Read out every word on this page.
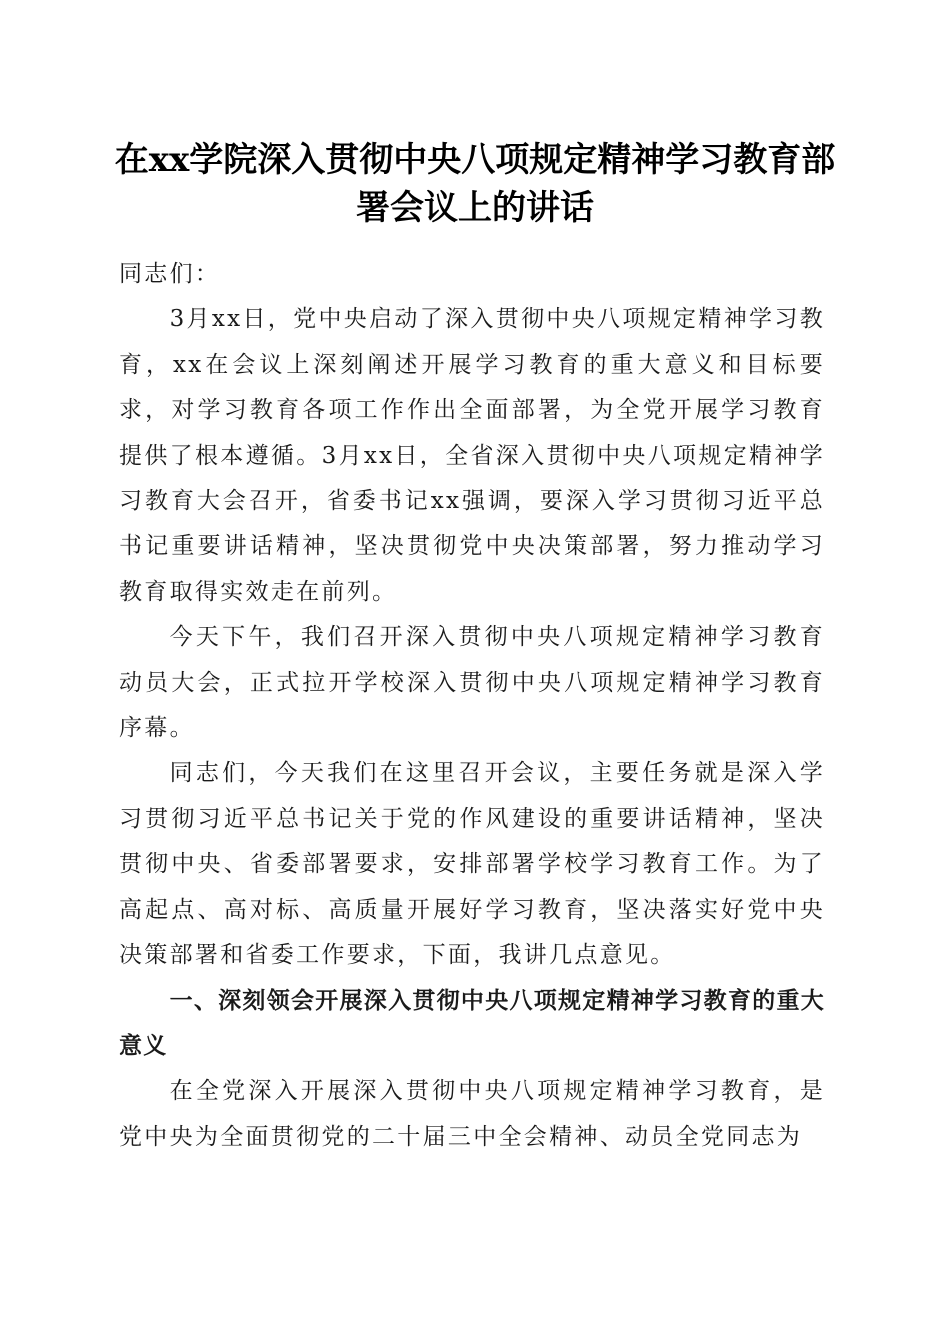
在xx学院深入贯彻中央八项规定精神学习教育部署会议上的讲话

同志们：

3月xx日，党中央启动了深入贯彻中央八项规定精神学习教育，xx在会议上深刻阐述开展学习教育的重大意义和目标要求，对学习教育各项工作作出全面部署，为全党开展学习教育提供了根本遵循。3月xx日，全省深入贯彻中央八项规定精神学习教育大会召开，省委书记xx强调，要深入学习贯彻习近平总书记重要讲话精神，坚决贯彻党中央决策部署，努力推动学习教育取得实效走在前列。

今天下午，我们召开深入贯彻中央八项规定精神学习教育动员大会，正式拉开学校深入贯彻中央八项规定精神学习教育序幕。

同志们，今天我们在这里召开会议，主要任务就是深入学习贯彻习近平总书记关于党的作风建设的重要讲话精神，坚决贯彻中央、省委部署要求，安排部署学校学习教育工作。为了高起点、高对标、高质量开展好学习教育，坚决落实好党中央决策部署和省委工作要求，下面，我讲几点意见。

一、深刻领会开展深入贯彻中央八项规定精神学习教育的重大意义

在全党深入开展深入贯彻中央八项规定精神学习教育，是党中央为全面贯彻党的二十届三中全会精神、动员全党同志为
